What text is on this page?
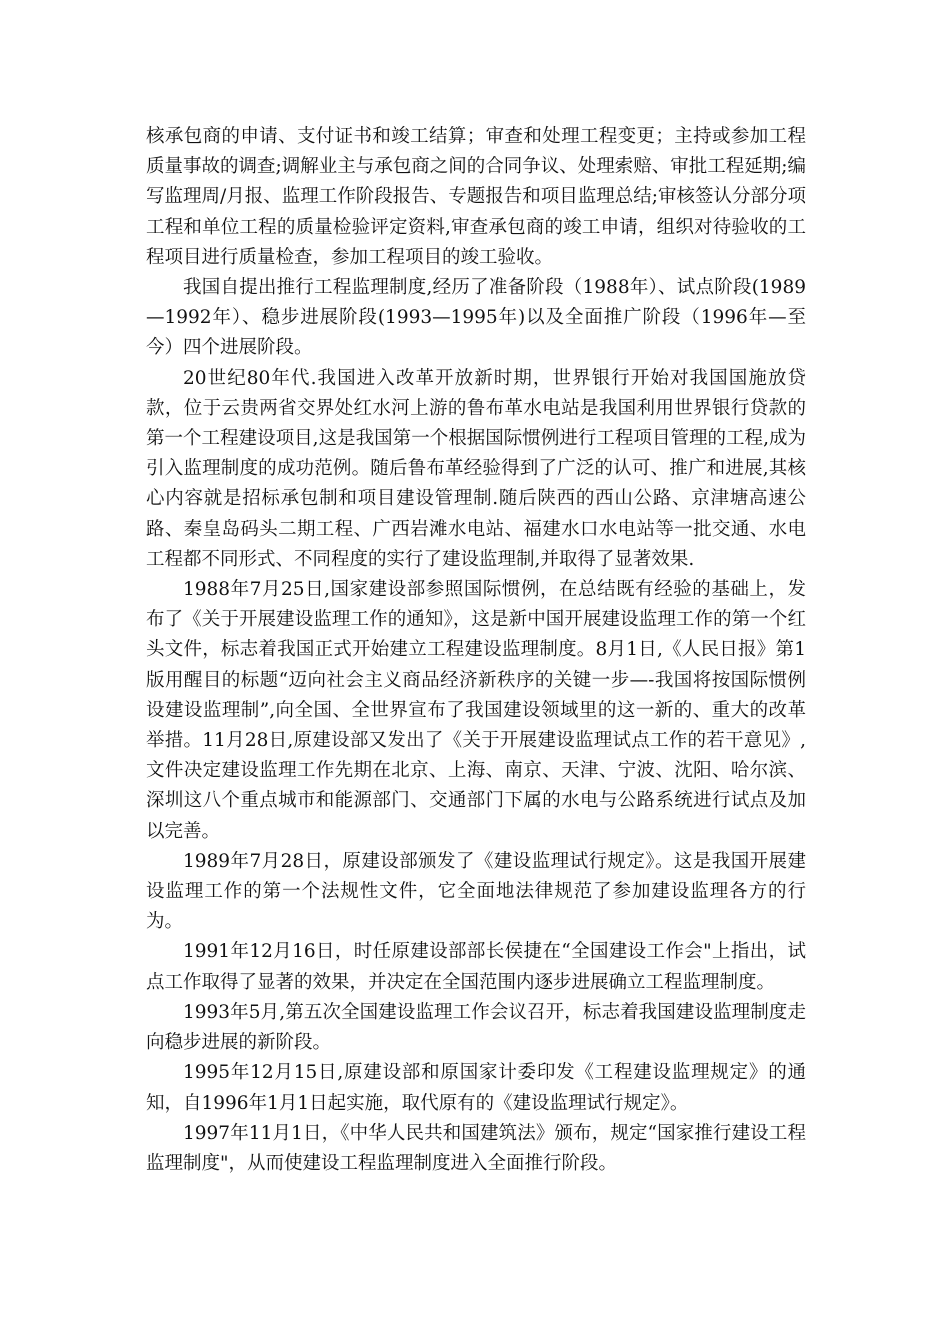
核承包商的申请、支付证书和竣工结算；审查和处理工程变更；主持或参加工程质量事故的调查;调解业主与承包商之间的合同争议、处理索赔、审批工程延期;编写监理周/月报、监理工作阶段报告、专题报告和项目监理总结;审核签认分部分项工程和单位工程的质量检验评定资料,审查承包商的竣工申请，组织对待验收的工程项目进行质量检查，参加工程项目的竣工验收。

我国自提出推行工程监理制度,经历了准备阶段（1988年）、试点阶段(1989—1992年）、稳步进展阶段(1993—1995年)以及全面推广阶段（1996年—至今）四个进展阶段。

20世纪80年代.我国进入改革开放新时期，世界银行开始对我国国施放贷款，位于云贵两省交界处红水河上游的鲁布革水电站是我国利用世界银行贷款的第一个工程建设项目,这是我国第一个根据国际惯例进行工程项目管理的工程,成为引入监理制度的成功范例。随后鲁布革经验得到了广泛的认可、推广和进展,其核心内容就是招标承包制和项目建设管理制.随后陕西的西山公路、京津塘高速公路、秦皇岛码头二期工程、广西岩滩水电站、福建水口水电站等一批交通、水电工程都不同形式、不同程度的实行了建设监理制,并取得了显著效果.

1988年7月25日,国家建设部参照国际惯例，在总结既有经验的基础上，发布了《关于开展建设监理工作的通知》，这是新中国开展建设监理工作的第一个红头文件，标志着我国正式开始建立工程建设监理制度。8月1日,《人民日报》第1版用醒目的标题“迈向社会主义商品经济新秩序的关键一步—-我国将按国际惯例设建设监理制”,向全国、全世界宣布了我国建设领域里的这一新的、重大的改革举措。11月28日,原建设部又发出了《关于开展建设监理试点工作的若干意见》,文件决定建设监理工作先期在北京、上海、南京、天津、宁波、沈阳、哈尔滨、深圳这八个重点城市和能源部门、交通部门下属的水电与公路系统进行试点及加以完善。

1989年7月28日，原建设部颁发了《建设监理试行规定》。这是我国开展建设监理工作的第一个法规性文件，它全面地法律规范了参加建设监理各方的行为。

1991年12月16日，时任原建设部部长侯捷在“全国建设工作会"上指出，试点工作取得了显著的效果，并决定在全国范围内逐步进展确立工程监理制度。

1993年5月,第五次全国建设监理工作会议召开，标志着我国建设监理制度走向稳步进展的新阶段。

1995年12月15日,原建设部和原国家计委印发《工程建设监理规定》的通知，自1996年1月1日起实施，取代原有的《建设监理试行规定》。

1997年11月1日，《中华人民共和国建筑法》颁布，规定“国家推行建设工程监理制度"，从而使建设工程监理制度进入全面推行阶段。
